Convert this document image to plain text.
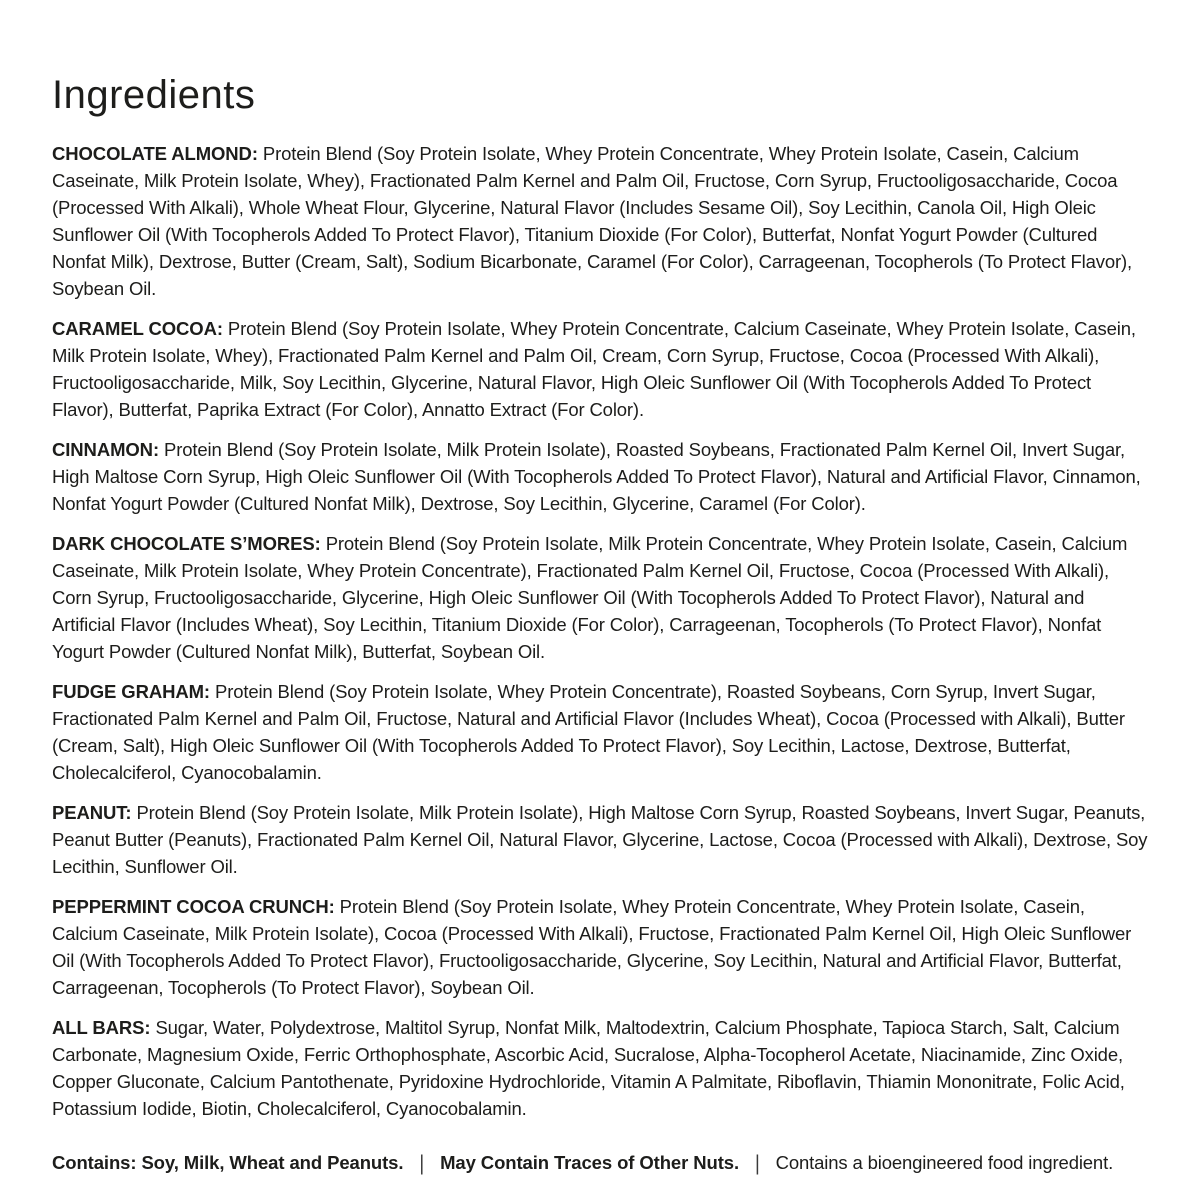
Ingredients

CHOCOLATE ALMOND: Protein Blend (Soy Protein Isolate, Whey Protein Concentrate, Whey Protein Isolate, Casein, Calcium Caseinate, Milk Protein Isolate, Whey), Fractionated Palm Kernel and Palm Oil, Fructose, Corn Syrup, Fructooligosaccharide, Cocoa (Processed With Alkali), Whole Wheat Flour, Glycerine, Natural Flavor (Includes Sesame Oil), Soy Lecithin, Canola Oil, High Oleic Sunflower Oil (With Tocopherols Added To Protect Flavor), Titanium Dioxide (For Color), Butterfat, Nonfat Yogurt Powder (Cultured Nonfat Milk), Dextrose, Butter (Cream, Salt), Sodium Bicarbonate, Caramel (For Color), Carrageenan, Tocopherols (To Protect Flavor), Soybean Oil.

CARAMEL COCOA: Protein Blend (Soy Protein Isolate, Whey Protein Concentrate, Calcium Caseinate, Whey Protein Isolate, Casein, Milk Protein Isolate, Whey), Fractionated Palm Kernel and Palm Oil, Cream, Corn Syrup, Fructose, Cocoa (Processed With Alkali), Fructooligosaccharide, Milk, Soy Lecithin, Glycerine, Natural Flavor, High Oleic Sunflower Oil (With Tocopherols Added To Protect Flavor), Butterfat, Paprika Extract (For Color), Annatto Extract (For Color).

CINNAMON: Protein Blend (Soy Protein Isolate, Milk Protein Isolate), Roasted Soybeans, Fractionated Palm Kernel Oil, Invert Sugar, High Maltose Corn Syrup, High Oleic Sunflower Oil (With Tocopherols Added To Protect Flavor), Natural and Artificial Flavor, Cinnamon, Nonfat Yogurt Powder (Cultured Nonfat Milk), Dextrose, Soy Lecithin, Glycerine, Caramel (For Color).

DARK CHOCOLATE S’MORES: Protein Blend (Soy Protein Isolate, Milk Protein Concentrate, Whey Protein Isolate, Casein, Calcium Caseinate, Milk Protein Isolate, Whey Protein Concentrate), Fractionated Palm Kernel Oil, Fructose, Cocoa (Processed With Alkali), Corn Syrup, Fructooligosaccharide, Glycerine, High Oleic Sunflower Oil (With Tocopherols Added To Protect Flavor), Natural and Artificial Flavor (Includes Wheat), Soy Lecithin, Titanium Dioxide (For Color), Carrageenan, Tocopherols (To Protect Flavor), Nonfat Yogurt Powder (Cultured Nonfat Milk), Butterfat, Soybean Oil.

FUDGE GRAHAM: Protein Blend (Soy Protein Isolate, Whey Protein Concentrate), Roasted Soybeans, Corn Syrup, Invert Sugar, Fractionated Palm Kernel and Palm Oil, Fructose, Natural and Artificial Flavor (Includes Wheat), Cocoa (Processed with Alkali), Butter (Cream, Salt), High Oleic Sunflower Oil (With Tocopherols Added To Protect Flavor), Soy Lecithin, Lactose, Dextrose, Butterfat, Cholecalciferol, Cyanocobalamin.

PEANUT: Protein Blend (Soy Protein Isolate, Milk Protein Isolate), High Maltose Corn Syrup, Roasted Soybeans, Invert Sugar, Peanuts, Peanut Butter (Peanuts), Fractionated Palm Kernel Oil, Natural Flavor, Glycerine, Lactose, Cocoa (Processed with Alkali), Dextrose, Soy Lecithin, Sunflower Oil.

PEPPERMINT COCOA CRUNCH: Protein Blend (Soy Protein Isolate, Whey Protein Concentrate, Whey Protein Isolate, Casein, Calcium Caseinate, Milk Protein Isolate), Cocoa (Processed With Alkali), Fructose, Fractionated Palm Kernel Oil, High Oleic Sunflower Oil (With Tocopherols Added To Protect Flavor), Fructooligosaccharide, Glycerine, Soy Lecithin, Natural and Artificial Flavor, Butterfat, Carrageenan, Tocopherols (To Protect Flavor), Soybean Oil.

ALL BARS: Sugar, Water, Polydextrose, Maltitol Syrup, Nonfat Milk, Maltodextrin, Calcium Phosphate, Tapioca Starch, Salt, Calcium Carbonate, Magnesium Oxide, Ferric Orthophosphate, Ascorbic Acid, Sucralose, Alpha-Tocopherol Acetate, Niacinamide, Zinc Oxide, Copper Gluconate, Calcium Pantothenate, Pyridoxine Hydrochloride, Vitamin A Palmitate, Riboflavin, Thiamin Mononitrate, Folic Acid, Potassium Iodide, Biotin, Cholecalciferol, Cyanocobalamin.

Contains: Soy, Milk, Wheat and Peanuts. | May Contain Traces of Other Nuts. | Contains a bioengineered food ingredient.
